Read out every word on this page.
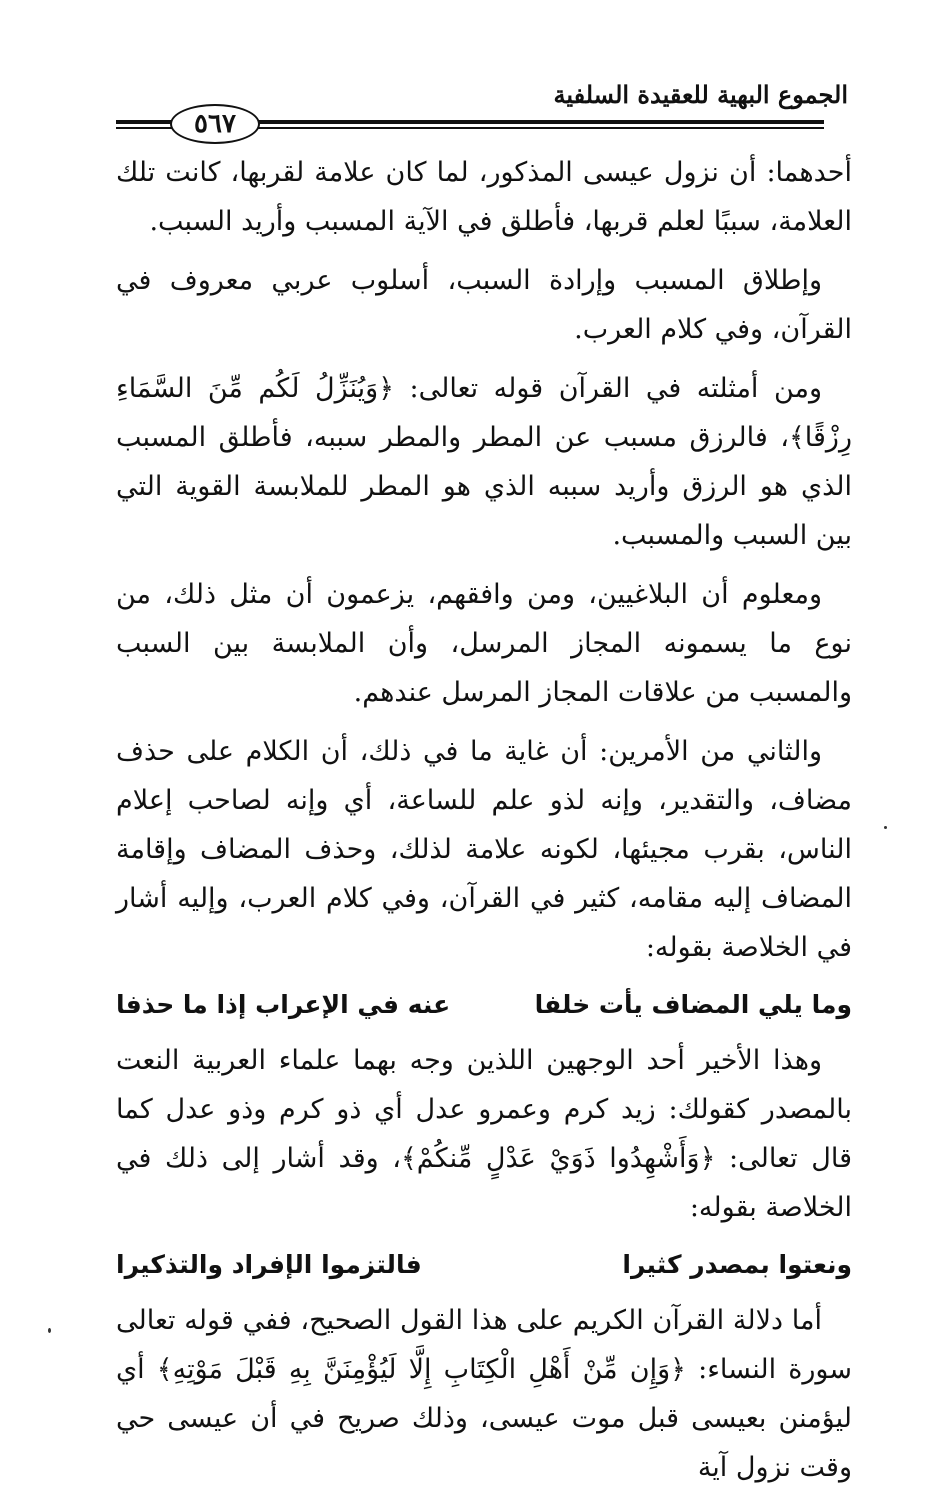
الجموع البهية للعقيدة السلفية
٥٦٧

أحدهما: أن نزول عيسى المذكور، لما كان علامة لقربها، كانت تلك العلامة، سببًا لعلم قربها، فأطلق في الآية المسبب وأريد السبب.

وإطلاق المسبب وإرادة السبب، أسلوب عربي معروف في القرآن، وفي كلام العرب.

ومن أمثلته في القرآن قوله تعالى: ﴿وَيُنَزِّلُ لَكُم مِّنَ السَّمَاءِ رِزْقًا﴾، فالرزق مسبب عن المطر والمطر سببه، فأطلق المسبب الذي هو الرزق وأريد سببه الذي هو المطر للملابسة القوية التي بين السبب والمسبب.

ومعلوم أن البلاغيين، ومن وافقهم، يزعمون أن مثل ذلك، من نوع ما يسمونه المجاز المرسل، وأن الملابسة بين السبب والمسبب من علاقات المجاز المرسل عندهم.

والثاني من الأمرين: أن غاية ما في ذلك، أن الكلام على حذف مضاف، والتقدير، وإنه لذو علم للساعة، أي وإنه لصاحب إعلام الناس، بقرب مجيئها، لكونه علامة لذلك، وحذف المضاف وإقامة المضاف إليه مقامه، كثير في القرآن، وفي كلام العرب، وإليه أشار في الخلاصة بقوله:

وما يلي المضاف يأت خلفا
عنه في الإعراب إذا ما حذفا

وهذا الأخير أحد الوجهين اللذين وجه بهما علماء العربية النعت بالمصدر كقولك: زيد كرم وعمرو عدل أي ذو كرم وذو عدل كما قال تعالى: ﴿وَأَشْهِدُوا ذَوَيْ عَدْلٍ مِّنكُمْ﴾، وقد أشار إلى ذلك في الخلاصة بقوله:

ونعتوا بمصدر كثيرا
فالتزموا الإفراد والتذكيرا

أما دلالة القرآن الكريم على هذا القول الصحيح، ففي قوله تعالى سورة النساء: ﴿وَإِن مِّنْ أَهْلِ الْكِتَابِ إِلَّا لَيُؤْمِنَنَّ بِهِ قَبْلَ مَوْتِهِ﴾ أي ليؤمنن بعيسى قبل موت عيسى، وذلك صريح في أن عيسى حي وقت نزول آية
